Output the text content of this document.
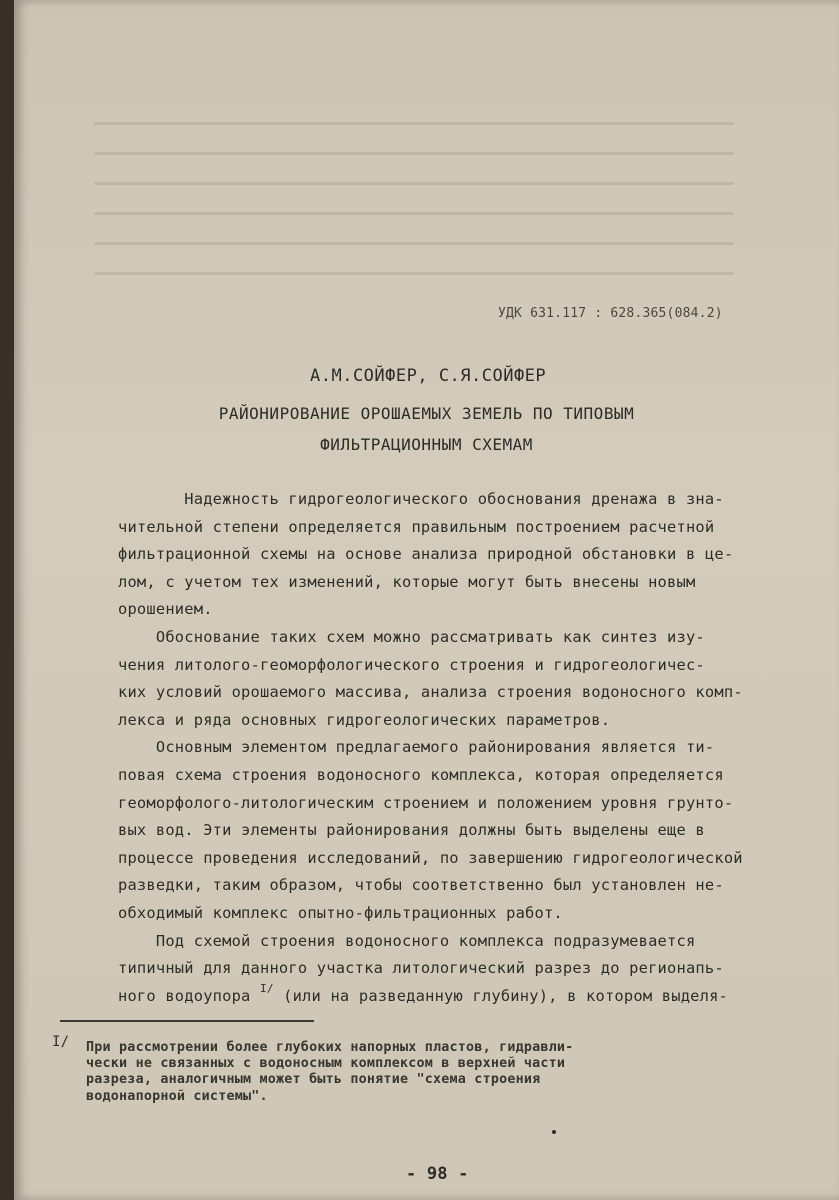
УДК 631.117 : 628.365(084.2)
А.М.СОЙФЕР, С.Я.СОЙФЕР
РАЙОНИРОВАНИЕ ОРОШАЕМЫХ ЗЕМЕЛЬ ПО ТИПОВЫМ
ФИЛЬТРАЦИОННЫМ СХЕМАМ

Надежность гидрогеологического обоснования дренажа в зна-

чительной степени определяется правильным построением расчетной

фильтрационной схемы на основе анализа природной обстановки в це-

лом, с учетом тех изменений, которые могут быть внесены новым

орошением.

Обоснование таких схем можно рассматривать как синтез изу-

чения литолого-геоморфологического строения и гидрогеологичес-

ких условий орошаемого массива, анализа строения водоносного комп-

лекса и ряда основных гидрогеологических параметров.

Основным элементом предлагаемого районирования является ти-

повая схема строения водоносного комплекса, которая определяется

геоморфолого-литологическим строением и положением уровня грунто-

вых вод. Эти элементы районирования должны быть выделены еще в

процессе проведения исследований, по завершению гидрогеологической

разведки, таким образом, чтобы соответственно был установлен не-

обходимый комплекс опытно-фильтрационных работ.

Под схемой строения водоносного комплекса подразумевается

типичный для данного участка литологический разрез до регионапь-

ного водоупора $^{I/}$ (или на разведанную глубину), в котором выделя-

I/ При рассмотрении более глубоких напорных пластов, гидравли-

чески не связанных с водоносным комплексом в верхней части

разреза, аналогичным может быть понятие "схема строения

водонапорной системы".

- 98 -
